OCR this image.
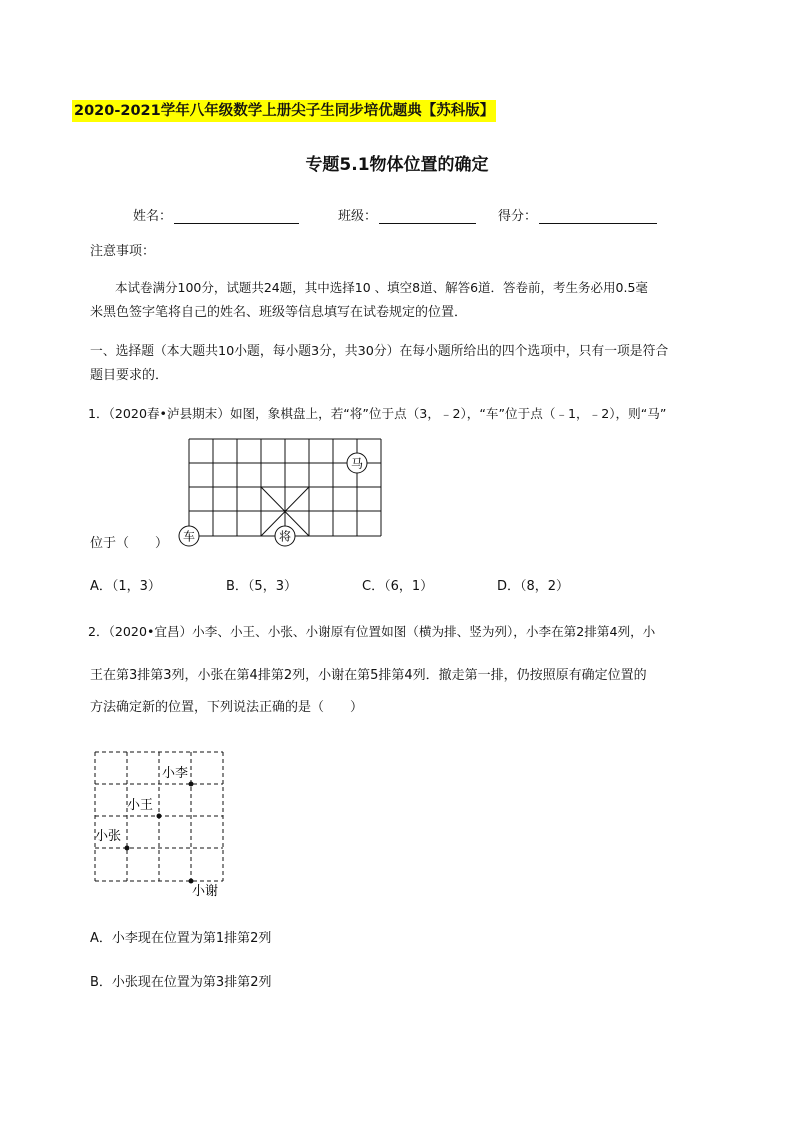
2020-2021学年八年级数学上册尖子生同步培优题典【苏科版】
专题5.1物体位置的确定
姓名：	班级：	得分：
注意事项：
本试卷满分100分，试题共24题，其中选择10 、填空8道、解答6道．答卷前，考生务必用0.5毫
米黑色签字笔将自己的姓名、班级等信息填写在试卷规定的位置．
一、选择题（本大题共10小题，每小题3分，共30分）在每小题所给出的四个选项中，只有一项是符合
题目要求的．
1．（2020春•泸县期末）如图，象棋盘上，若“将”位于点（3，﹣2），“车”位于点（﹣1，﹣2），则“马”
马
车	将
位于（　　）
A．（1，3）	B．（5，3）	C．（6，1）	D．（8，2）
2．（2020•宜昌）小李、小王、小张、小谢原有位置如图（横为排、竖为列），小李在第2排第4列，小
王在第3排第3列，小张在第4排第2列，小谢在第5排第4列．撤走第一排，仍按照原有确定位置的
方法确定新的位置，下列说法正确的是（　　）
小李
小王
小张
小谢
A．小李现在位置为第1排第2列
B．小张现在位置为第3排第2列
